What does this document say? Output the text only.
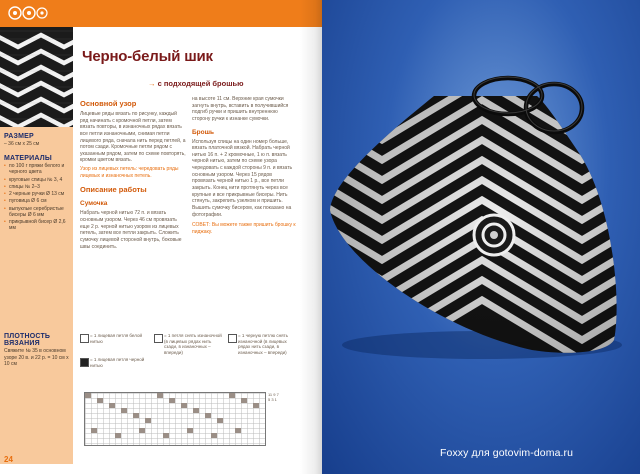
РАЗМЕР

– 36 см х 25 см

МАТЕРИАЛЫ

• по 100 г пряжи белого и черного цвета
• круговые спицы № 3, 4
• спицы № 2–3
• 2 черные ручки Ø 13 см
• пуговица Ø 6 см
• выпуклые серебристые бисеры Ø 6 мм
• прикрывной бисер Ø 2,6 мм

ПЛОТНОСТЬ ВЯЗАНИЯ

Свяжите № 35 в основном узоре 20 в. и 22 р. = 10 см х 10 см

24

Черно-белый шик

→ с подходящей брошью

Основной узор

Лицевые ряды вязать по рисунку, каждый ряд начинать с кромочной петли, затем вязать повторы, в изнаночных рядах вязать все петли изнаночными, снимая петли лицевого ряда, сначала нить перед петлей, а потом сзади. Кромочные петли рядом с указанным рядом, затем по схеме повторять, кромки цветом вязать.

Узор из лицевых петель: чередовать ряды лицевых и изнаночных петель.

Описание работы

Сумочка

Набрать черной нитью 72 п. и вязать основным узором. Через 46 см провязать еще 2 р. черной нитью узором из лицевых петель, затем все петли закрыть. Сложить сумочку лицевой стороной внутрь, боковые швы соединить.

на высоте 11 см. Верхние края сумочки загнуть внутрь, вставить в получившийся подгиб ручки и пришить внутреннюю сторону ручки к изнанке сумочки.

Брошь

Используя спицы на один номер больше, вязать платочной вязкой. Набрать черной нитью 16 п. + 2 кромочные, 1 ю п. вязать черной нитью, затем по схеме узора чередовать с каждой стороны 9 п. и вязать основным узором. Через 15 рядов провязать черной нитью 1 р., все петли закрыть. Конец нити протянуть через все крупные и все прикрывные бисеры. Нить стянуть, закрепить узелком и пришить. Вышить сумочку бисером, как показано на фотографии.

СОВЕТ: Вы можете также пришить брошку к пиджаку.

= 1 лицевая петля белой нитью

= 1 лицевая петля черной нитью

= 1 петля снять изнаночной (в лицевых рядах нить сзади, в изнаночных – впереди)

= 1 черную петлю снять изнаночной (в лицевых рядах нить сзади, в изнаночных – впереди)

11 9 7 5 3 1

Foxxy для gotovim-doma.ru
